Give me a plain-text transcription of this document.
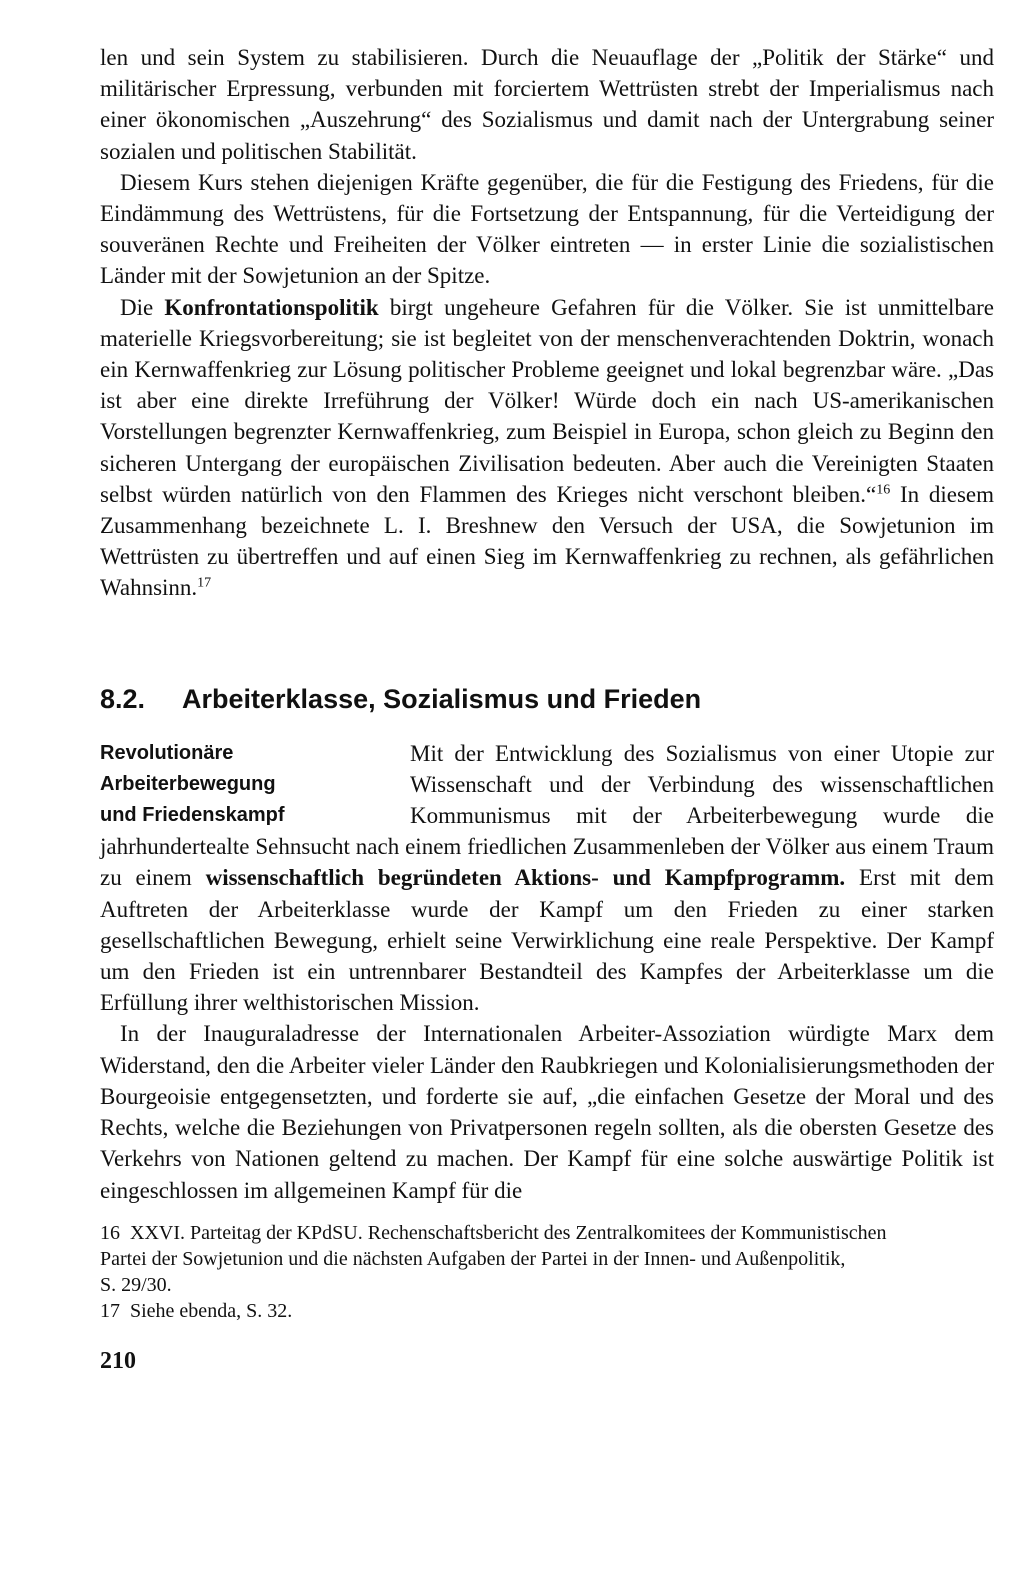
len und sein System zu stabilisieren. Durch die Neuauflage der „Politik der Stärke“ und militärischer Erpressung, verbunden mit forciertem Wettrüsten strebt der Imperialismus nach einer ökonomischen „Auszehrung“ des Sozialismus und damit nach der Untergrabung seiner sozialen und politischen Stabilität.

Diesem Kurs stehen diejenigen Kräfte gegenüber, die für die Festigung des Friedens, für die Eindämmung des Wettrüstens, für die Fortsetzung der Entspannung, für die Verteidigung der souveränen Rechte und Freiheiten der Völker eintreten — in erster Linie die sozialistischen Länder mit der Sowjetunion an der Spitze.

Die Konfrontationspolitik birgt ungeheure Gefahren für die Völker. Sie ist unmittelbare materielle Kriegsvorbereitung; sie ist begleitet von der menschenverachtenden Doktrin, wonach ein Kernwaffenkrieg zur Lösung politischer Probleme geeignet und lokal begrenzbar wäre. „Das ist aber eine direkte Irreführung der Völker! Würde doch ein nach US-amerikanischen Vorstellungen begrenzter Kernwaffenkrieg, zum Beispiel in Europa, schon gleich zu Beginn den sicheren Untergang der europäischen Zivilisation bedeuten. Aber auch die Vereinigten Staaten selbst würden natürlich von den Flammen des Krieges nicht verschont bleiben.“$^{16}$ In diesem Zusammenhang bezeichnete L. I. Breshnew den Versuch der USA, die Sowjetunion im Wettrüsten zu übertreffen und auf einen Sieg im Kernwaffenkrieg zu rechnen, als gefährlichen Wahnsinn.$^{17}$

8.2. Arbeiterklasse, Sozialismus und Frieden
Revolutionäre
Arbeiterbewegung
und Friedenskampf

Mit der Entwicklung des Sozialismus von einer Utopie zur Wissenschaft und der Verbindung des wissenschaftlichen Kommunismus mit der Arbeiterbewegung wurde die jahrhundertealte Sehnsucht nach einem friedlichen Zusammenleben der Völker aus einem Traum zu einem wissenschaftlich begründeten Aktions- und Kampfprogramm. Erst mit dem Auftreten der Arbeiterklasse wurde der Kampf um den Frieden zu einer starken gesellschaftlichen Bewegung, erhielt seine Verwirklichung eine reale Perspektive. Der Kampf um den Frieden ist ein untrennbarer Bestandteil des Kampfes der Arbeiterklasse um die Erfüllung ihrer welthistorischen Mission.

In der Inauguraladresse der Internationalen Arbeiter-Assoziation würdigte Marx dem Widerstand, den die Arbeiter vieler Länder den Raubkriegen und Kolonialisierungsmethoden der Bourgeoisie entgegensetzten, und forderte sie auf, „die einfachen Gesetze der Moral und des Rechts, welche die Beziehungen von Privatpersonen regeln sollten, als die obersten Gesetze des Verkehrs von Nationen geltend zu machen. Der Kampf für eine solche auswärtige Politik ist eingeschlossen im allgemeinen Kampf für die

16 XXVI. Parteitag der KPdSU. Rechenschaftsbericht des Zentralkomitees der Kommunistischen
Partei der Sowjetunion und die nächsten Aufgaben der Partei in der Innen- und Außenpolitik,
S. 29/30.
17 Siehe ebenda, S. 32.
210
